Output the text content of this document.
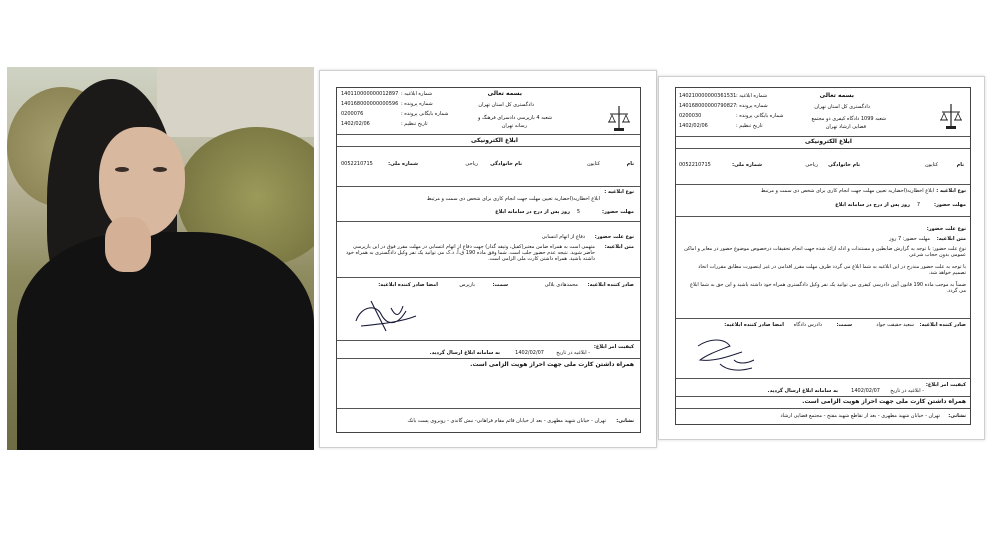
بسمه تعالی
دادگستری کل استان تهران
شعبه 4 بازپرسی دادسرای فرهنگ و
رسانه تهران
شماره ابلاغیه :
شماره پرونده :
شماره بایگانی پرونده :
تاریخ تنظیم :
140110000000012897
140168000000000596
0200076
1402/02/06
ابلاغ الکترونیکی
نام
کتایون
نام خانوادگی
ریاحی
شماره ملی:
0052210715
نوع ابلاغیه :
ابلاغ اخطاریه(احضاریه تعیین مهلت جهت انجام کاری برای شخص ذی سمت و مرتبط
مهلت حضور:
5
روز پس از درج در سامانه ابلاغ
نوع علت حضور:
دفاع از اتهام انتسابی
متن ابلاغیه:
متهمی است به همراه ضامن معتبر(کفیل، وثیقه گذار) جهت دفاع از اتهام انتسابی در مهلت مقرر فوق در این بازپرسی حاضر شوید. نتیجه عدم حضور جلب است. شما وفق ماده 190 ق.آ. د.ک می توانید یک نفر وکیل دادگستری به همراه خود داشته باشید. همراه داشتن کارت ملی الزامی است.
صادر کننده ابلاغیه:
محمدهادی بلالی
سمت:
بازپرس
امضا صادر کننده ابلاغیه:
کیفیت امر ابلاغ:
- ابلاغیه در تاریخ
1402/02/07
به سامانه ابلاغ ارسال گردید.
همراه داشتن کارت ملی جهت احراز هویت الزامی است.
نشانی:
تهران - خیابان شهید مطهری - بعد از خیابان قائم مقام فراهانی- نبش گاندی - روبروی پست بانک
بسمه تعالی
دادگستری کل استان تهران
شعبه 1099 دادگاه کیفری دو مجتمع
قضایی ارشاد تهران
شماره ابلاغیه :
شماره پرونده :
شماره بایگانی پرونده :
تاریخ تنظیم :
140210000000361531
140168000000790827
0200030
1402/02/06
ابلاغ الکترونیکی
نام
کتایون
نام خانوادگی
ریاحی
شماره ملی:
0052210715
نوع ابلاغیه :
ابلاغ اخطاریه(احضاریه تعیین مهلت جهت انجام کاری برای شخص ذی سمت و مرتبط
مهلت حضور:
7
روز پس از درج در سامانه ابلاغ
نوع علت حضور:
متن ابلاغیه:
مهلت حضور: 7 روز
نوع علت حضور: با توجه به گزارش ضابطین و مستندات و ادله ارائه شده جهت انجام تحقیقات درخصوص موضوع حضور در معابر و اماکن عمومی بدون حجاب شرعی
با توجه به علت حضور مندرج در این ابلاغیه به شما ابلاغ می گردد ظرف مهلت مقرر اقدامی در غیر اینصورت مطابق مقررات اتخاذ تصمیم خواهد شد.
ضمناً به موجب ماده 190 قانون آیین دادرسی کیفری می توانید یک نفر وکیل دادگستری همراه خود داشته باشید و این حق به شما ابلاغ می گردد.
صادر کننده ابلاغیه:
سعید حقیقت جواد
سمت:
دادرس دادگاه
امضا صادر کننده ابلاغیه:
کیفیت امر ابلاغ:
- ابلاغیه در تاریخ
1402/02/07
به سامانه ابلاغ ارسال گردید.
همراه داشتن کارت ملی جهت احراز هویت الزامی است.
نشانی:
تهران - خیابان شهید مطهری - بعد از تقاطع شهید مفتح - مجتمع قضایی ارشاد
